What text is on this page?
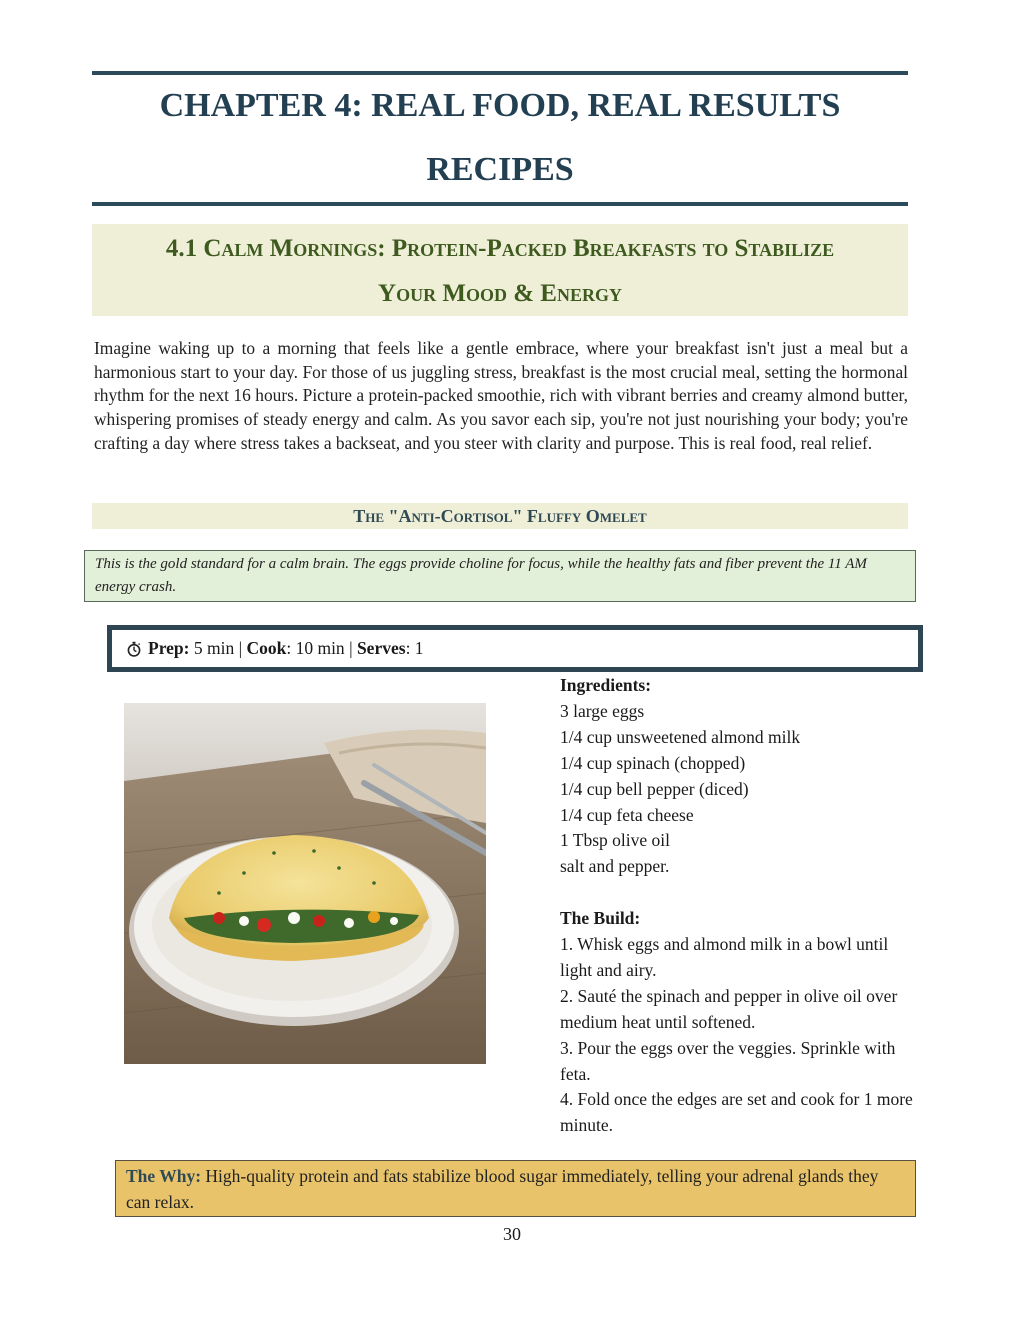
CHAPTER 4: REAL FOOD, REAL RESULTS
RECIPES
4.1 Calm Mornings: Protein-Packed Breakfasts to Stabilize
Your Mood & Energy
Imagine waking up to a morning that feels like a gentle embrace, where your breakfast isn't just a meal but a harmonious start to your day. For those of us juggling stress, breakfast is the most crucial meal, setting the hormonal rhythm for the next 16 hours. Picture a protein-packed smoothie, rich with vibrant berries and creamy almond butter, whispering promises of steady energy and calm. As you savor each sip, you're not just nourishing your body; you're crafting a day where stress takes a backseat, and you steer with clarity and purpose. This is real food, real relief.
The "Anti-Cortisol" Fluffy Omelet
This is the gold standard for a calm brain. The eggs provide choline for focus, while the healthy fats and fiber prevent the 11 AM energy crash.
Prep:
5 min
|
Cook : 10 min
|
Serves : 1
Ingredients:
3 large eggs
1/4 cup unsweetened almond milk
1/4 cup spinach (chopped)
1/4 cup bell pepper (diced)
1/4 cup feta cheese
1 Tbsp olive oil
salt and pepper.
The Build:
1. Whisk eggs and almond milk in a bowl until light and airy.
2. Sauté the spinach and pepper in olive oil over medium heat until softened.
3. Pour the eggs over the veggies. Sprinkle with feta.
4. Fold once the edges are set and cook for 1 more minute.
The Why: High-quality protein and fats stabilize blood sugar immediately, telling your adrenal glands they can relax.
30
